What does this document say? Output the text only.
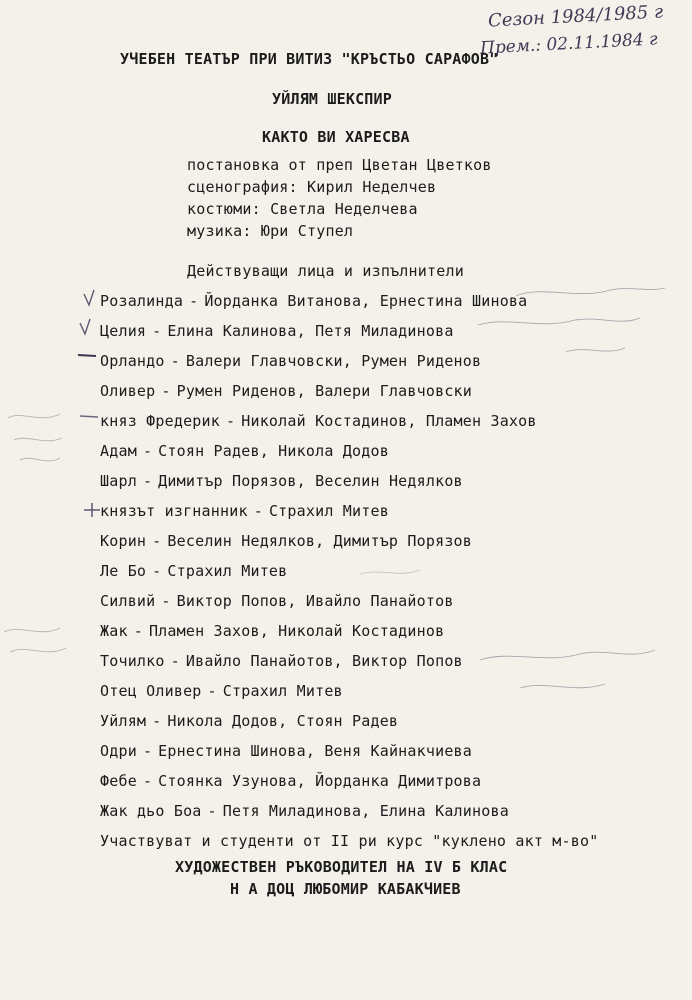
Сезон 1984/1985 г
Прем.: 02.11.1984 г
УЧЕБЕН ТЕАТЪР ПРИ ВИТИЗ "КРЪСТЬО САРАФОВ"
УЙЛЯМ ШЕКСПИР
КАКТО ВИ ХАРЕСВА
постановка от преп Цветан Цветков
сценография: Кирил Неделчев
костюми: Светла Неделчева
музика: Юри Ступел
Действуващи лица и изпълнители
Розалинда - Йорданка Витанова, Ернестина Шинова
Целия - Елина Калинова, Петя Миладинова
Орландо - Валери Главчовски, Румен Риденов
Оливер - Румен Риденов, Валери Главчовски
княз Фредерик - Николай Костадинов, Пламен Захов
Адам - Стоян Радев, Никола Додов
Шарл - Димитър Порязов, Веселин Недялков
князът изгнанник - Страхил Митев
Корин - Веселин Недялков, Димитър Порязов
Ле Бо - Страхил Митев
Силвий - Виктор Попов, Ивайло Панайотов
Жак - Пламен Захов, Николай Костадинов
Точилко - Ивайло Панайотов, Виктор Попов
Отец Оливер - Страхил Митев
Уйлям - Никола Додов, Стоян Радев
Одри - Ернестина Шинова, Веня Кайнакчиева
Фебе - Стоянка Узунова, Йорданка Димитрова
Жак дьо Боа - Петя Миладинова, Елина Калинова
Участвуват и студенти от II ри курс "куклено акт м-во"
ХУДОЖЕСТВЕН РЪКОВОДИТЕЛ НА IV Б КЛАС
Н А ДОЦ ЛЮБОМИР КАБАКЧИЕВ
